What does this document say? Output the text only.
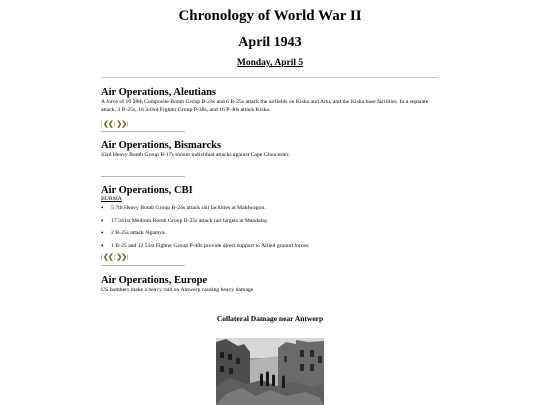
Chronology of World War II
April 1943
Monday, April 5
Air Operations, Aleutians
A force of 16 28th Composite Bomb Group B-24s and 6 B-25s attack the airfields on Kiska and Attu, and the Kiska base facilities. In a separate attack, 3 B-25s, 16 343rd Fighter Group P-38s, and 16 P-40s attack Kiska.
[❮❮ | ❯❯]
Air Operations, Bismarcks
43rd Heavy Bomb Group B-17s mount individual attacks against Cape Gloucester.
Air Operations, CBI
BURMA
• 5 7th Heavy Bomb Group B-24s attack rail facilities at Mahlwagon.
• 17 341st Medium Bomb Group B-25s attack rail targets at Mandalay.
• 2 B-25s attack Ngamya.
• 1 B-25 and 12 51st Fighter Group P-40s provide direct support to Allied ground forces.
[❮❮ | ❯❯]
Air Operations, Europe
US bombers make a heavy raid on Antwerp causing heavy damage.
Collateral Damage near Antwerp
